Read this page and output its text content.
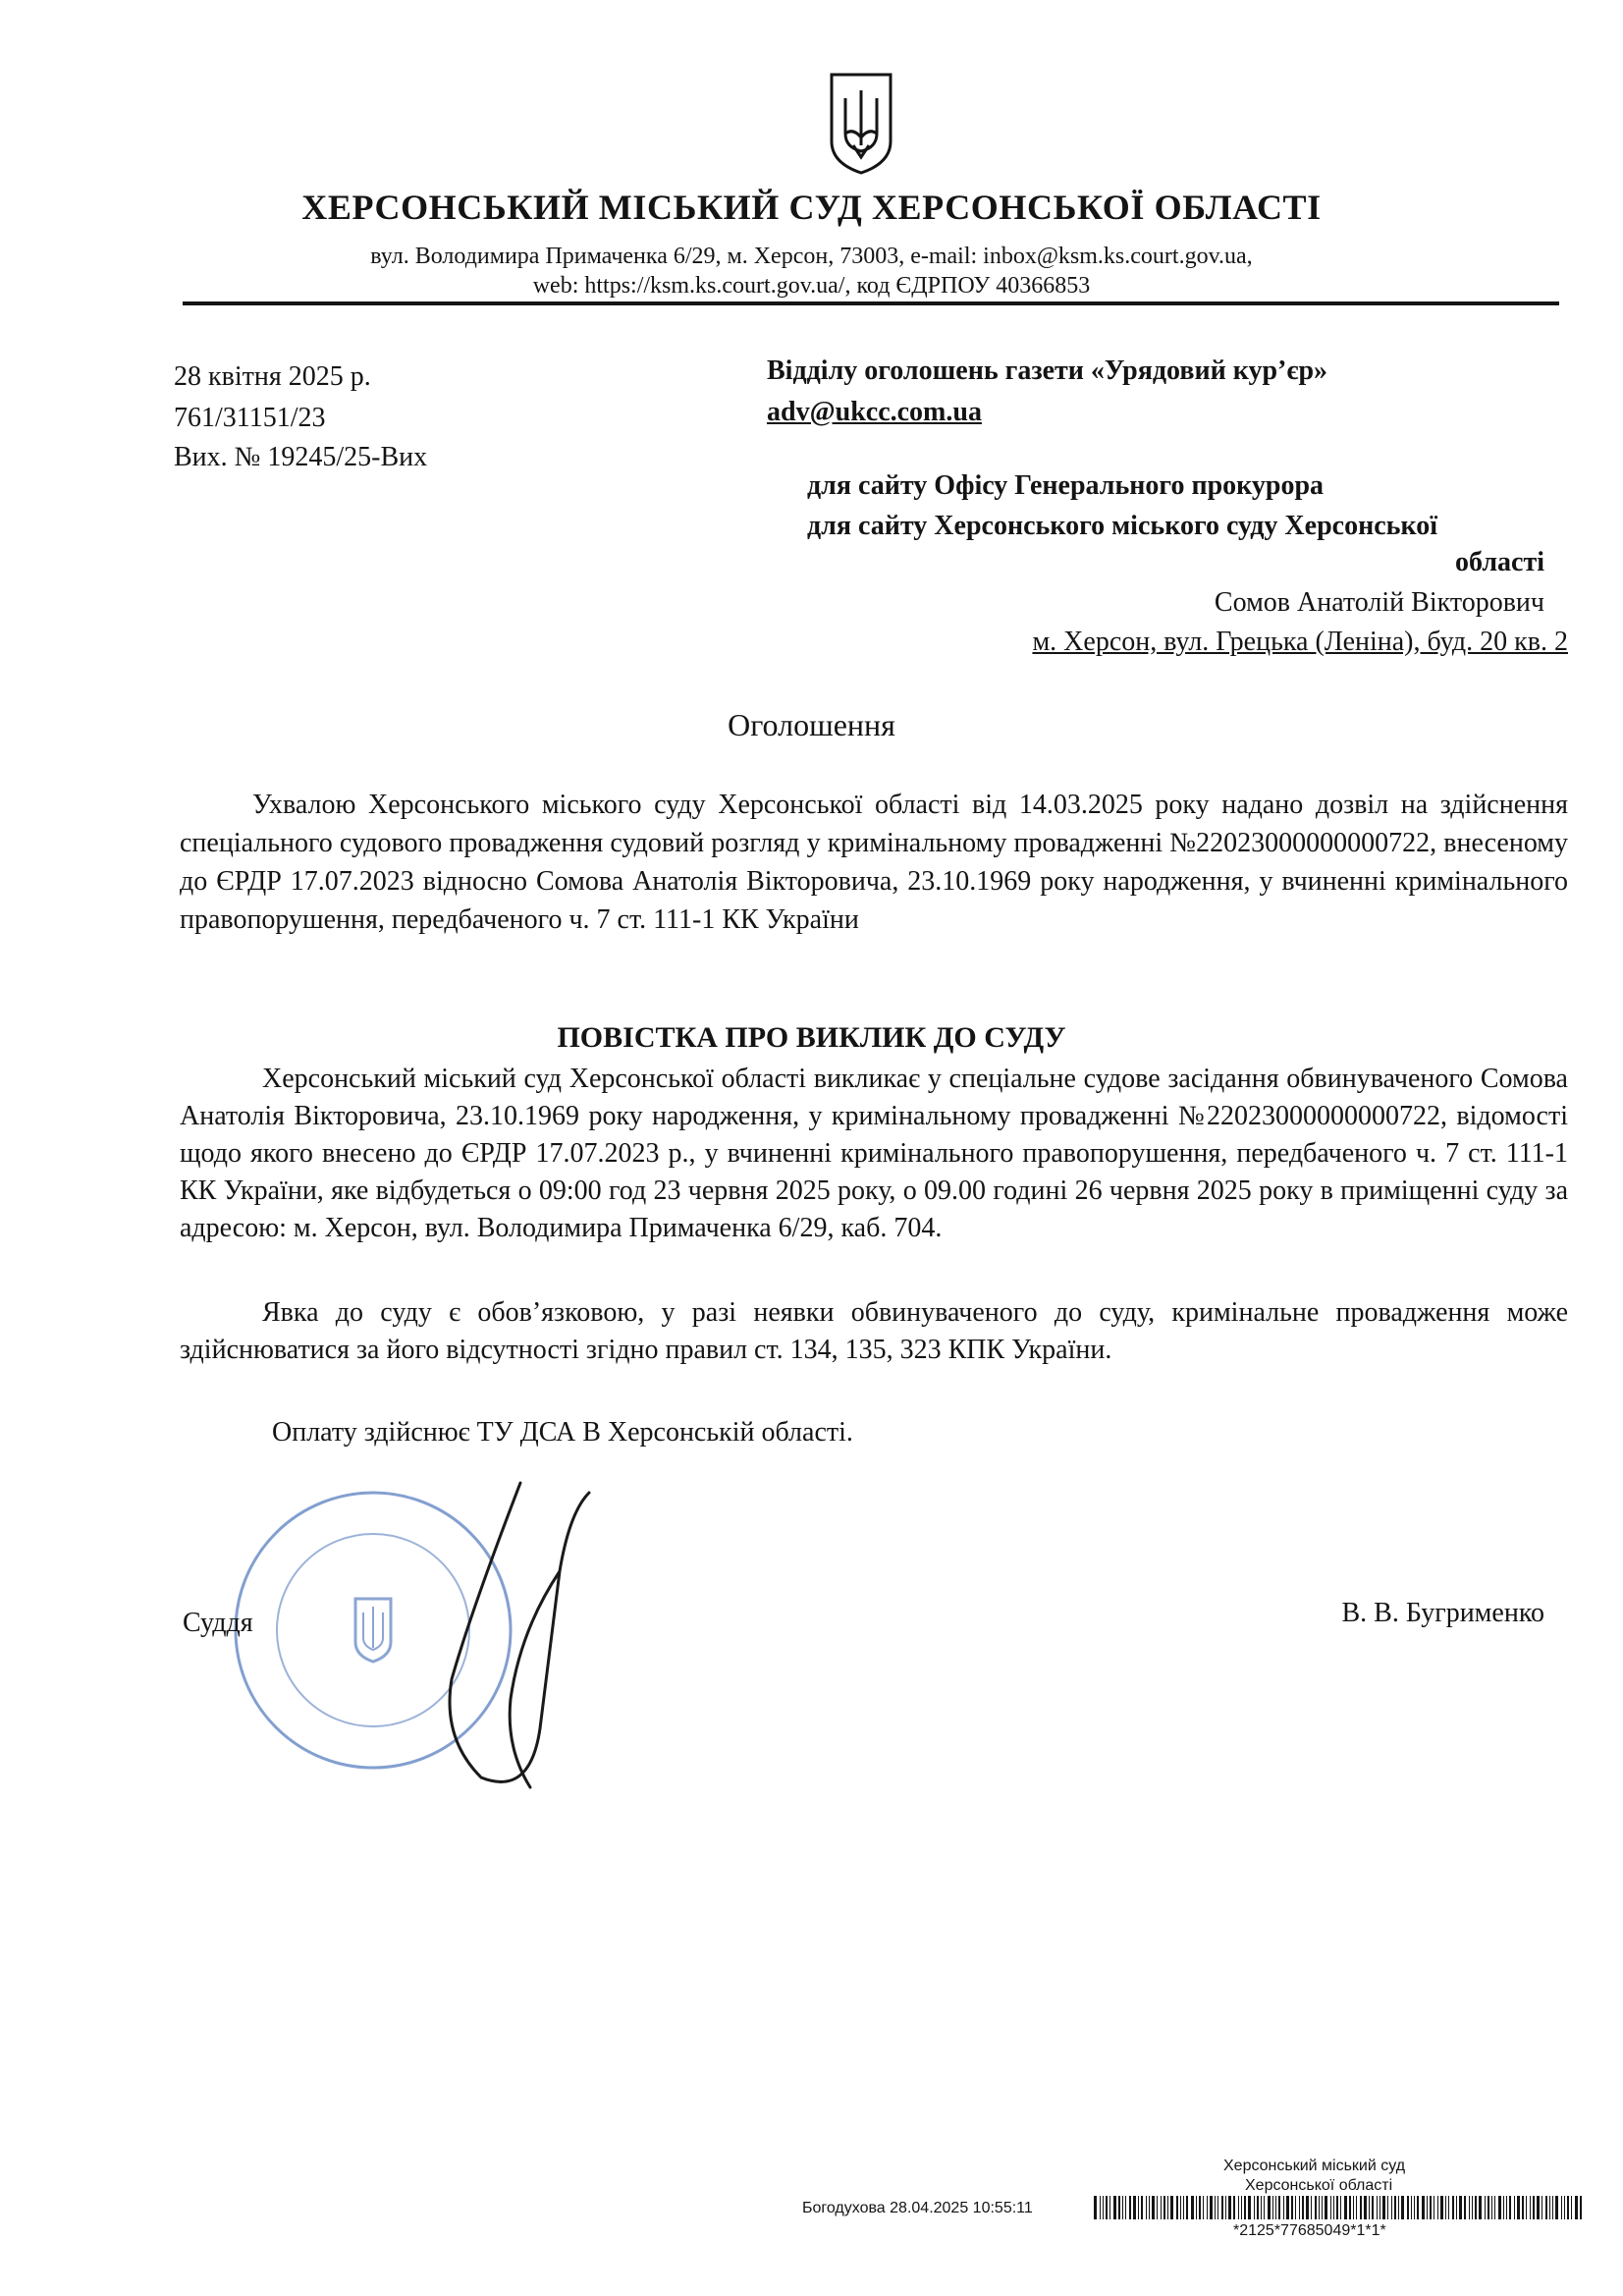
ХЕРСОНСЬКИЙ МІСЬКИЙ СУД ХЕРСОНСЬКОЇ ОБЛАСТІ
вул. Володимира Примаченка 6/29, м. Херсон, 73003, e-mail: inbox@ksm.ks.court.gov.ua,
web: https://ksm.ks.court.gov.ua/, код ЄДРПОУ 40366853
28 квітня 2025 р.
761/31151/23
Вих. № 19245/25-Вих
Відділу оголошень газети «Урядовий кур’єр»
adv@ukcc.com.ua
для сайту Офісу Генерального прокурора
для сайту Херсонського міського суду Херсонської
області
Сомов Анатолій Вікторович
м. Херсон, вул. Грецька (Леніна), буд. 20 кв. 2
Оголошення

Ухвалою Херсонського міського суду Херсонської області від 14.03.2025 року надано дозвіл на здійснення спеціального судового провадження судовий розгляд у кримінальному провадженні №22023000000000722, внесеному до ЄРДР 17.07.2023 відносно Сомова Анатолія Вікторовича, 23.10.1969 року народження, у вчиненні кримінального правопорушення, передбаченого ч. 7 ст. 111-1 КК України

ПОВІСТКА ПРО ВИКЛИК ДО СУДУ

Херсонський міський суд Херсонської області викликає у спеціальне судове засідання обвинуваченого Сомова Анатолія Вікторовича, 23.10.1969 року народження, у кримінальному провадженні №22023000000000722, відомості щодо якого внесено до ЄРДР 17.07.2023 р., у вчиненні кримінального правопорушення, передбаченого ч. 7 ст. 111-1 КК України, яке відбудеться о 09:00 год 23 червня 2025 року, о 09.00 годині 26 червня 2025 року в приміщенні суду за адресою: м. Херсон, вул. Володимира Примаченка 6/29, каб. 704.

Явка до суду є обов’язковою, у разі неявки обвинуваченого до суду, кримінальне провадження може здійснюватися за його відсутності згідно правил ст. 134, 135, 323 КПК України.

Оплату здійснює ТУ ДСА В Херсонській області.

Суддя	В. В. Бугрименко
Херсонський міський суд
Херсонської області
Богодухова 28.04.2025 10:55:11
*2125*77685049*1*1*
